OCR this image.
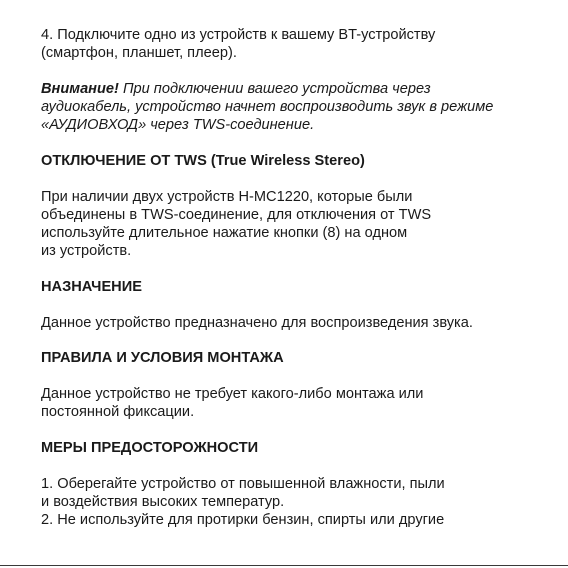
4. Подключите одно из устройств к вашему BT-устройству
(смартфон, планшет, плеер).

Внимание! При подключении вашего устройства через
аудиокабель, устройство начнет воспроизводить звук в режиме
«АУДИОВХОД» через TWS-соединение.

ОТКЛЮЧЕНИЕ ОТ TWS (True Wireless Stereo)

При наличии двух устройств H-MC1220, которые были
объединены в TWS-соединение, для отключения от TWS
используйте длительное нажатие кнопки (8) на одном
из устройств.

НАЗНАЧЕНИЕ

Данное устройство предназначено для воспроизведения звука.

ПРАВИЛА И УСЛОВИЯ МОНТАЖА

Данное устройство не требует какого-либо монтажа или
постоянной фиксации.

МЕРЫ ПРЕДОСТОРОЖНОСТИ

1. Оберегайте устройство от повышенной влажности, пыли
и воздействия высоких температур.
2. Не используйте для протирки бензин, спирты или другие
